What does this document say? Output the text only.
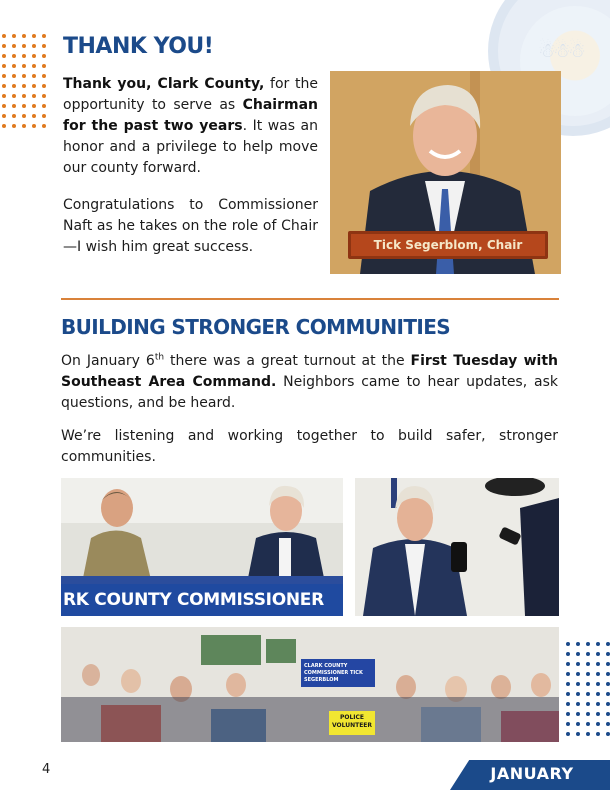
☃☃☃
THANK YOU!

Thank you, Clark County, for the opportunity to serve as Chairman for the past two years. It was an honor and a privilege to help move our county forward.

Congratulations to Commissioner Naft as he takes on the role of Chair—I wish him great success.	Tick Segerblom, Chair
BUILDING STRONGER COMMUNITIES

On January 6th there was a great turnout at the First Tuesday with Southeast Area Command. Neighbors came to hear updates, ask questions, and be heard.

We’re listening and working together to build safer, stronger communities.

RK COUNTY COMMISSIONER
CLARK COUNTY COMMISSIONER TICK SEGERBLOM
POLICE VOLUNTEER
4	JANUARY
